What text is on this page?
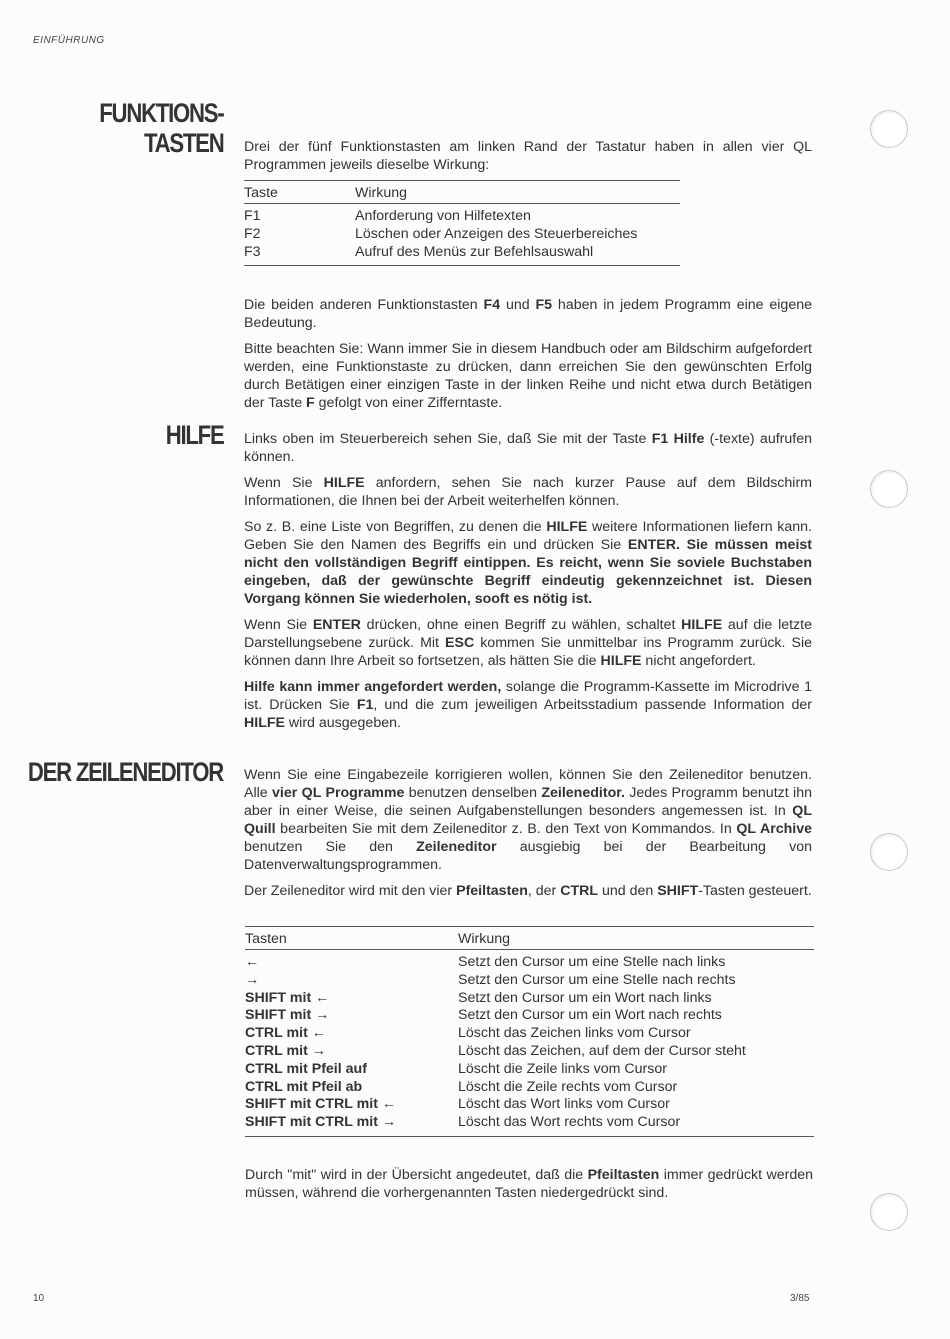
EINFÜHRUNG
FUNKTIONS-
TASTEN
HILFE
DER ZEILENEDITOR

Drei der fünf Funktionstasten am linken Rand der Tastatur haben in allen vier QL Programmen jeweils dieselbe Wirkung:

Taste	Wirkung
F1	Anforderung von Hilfetexten
F2	Löschen oder Anzeigen des Steuerbereiches
F3	Aufruf des Menüs zur Befehlsauswahl

Die beiden anderen Funktionstasten F4 und F5 haben in jedem Programm eine eigene Bedeutung.

Bitte beachten Sie: Wann immer Sie in diesem Handbuch oder am Bildschirm aufgefordert werden, eine Funktionstaste zu drücken, dann erreichen Sie den gewünschten Erfolg durch Betätigen einer einzigen Taste in der linken Reihe und nicht etwa durch Betätigen der Taste F gefolgt von einer Zifferntaste.

Links oben im Steuerbereich sehen Sie, daß Sie mit der Taste F1 Hilfe (-texte) aufrufen können.

Wenn Sie HILFE anfordern, sehen Sie nach kurzer Pause auf dem Bildschirm Informationen, die Ihnen bei der Arbeit weiterhelfen können.

So z. B. eine Liste von Begriffen, zu denen die HILFE weitere Informationen liefern kann. Geben Sie den Namen des Begriffs ein und drücken Sie ENTER. Sie müssen meist nicht den vollständigen Begriff eintippen. Es reicht, wenn Sie soviele Buchstaben eingeben, daß der gewünschte Begriff eindeutig gekennzeichnet ist. Diesen Vorgang können Sie wiederholen, sooft es nötig ist.

Wenn Sie ENTER drücken, ohne einen Begriff zu wählen, schaltet HILFE auf die letzte Darstellungsebene zurück. Mit ESC kommen Sie unmittelbar ins Programm zurück. Sie können dann Ihre Arbeit so fortsetzen, als hätten Sie die HILFE nicht angefordert.

Hilfe kann immer angefordert werden, solange die Programm-Kassette im Microdrive 1 ist. Drücken Sie F1, und die zum jeweiligen Arbeitsstadium passende Information der HILFE wird ausgegeben.

Wenn Sie eine Eingabezeile korrigieren wollen, können Sie den Zeileneditor benutzen. Alle vier QL Programme benutzen denselben Zeileneditor. Jedes Programm benutzt ihn aber in einer Weise, die seinen Aufgabenstellungen besonders angemessen ist. In QL Quill bearbeiten Sie mit dem Zeileneditor z. B. den Text von Kommandos. In QL Archive benutzen Sie den Zeileneditor ausgiebig bei der Bearbeitung von Datenverwaltungsprogrammen.

Der Zeileneditor wird mit den vier Pfeiltasten, der CTRL und den SHIFT-Tasten gesteuert.

Tasten	Wirkung
←	Setzt den Cursor um eine Stelle nach links
→	Setzt den Cursor um eine Stelle nach rechts
SHIFT mit ←	Setzt den Cursor um ein Wort nach links
SHIFT mit →	Setzt den Cursor um ein Wort nach rechts
CTRL mit ←	Löscht das Zeichen links vom Cursor
CTRL mit →	Löscht das Zeichen, auf dem der Cursor steht
CTRL mit Pfeil auf	Löscht die Zeile links vom Cursor
CTRL mit Pfeil ab	Löscht die Zeile rechts vom Cursor
SHIFT mit CTRL mit ←	Löscht das Wort links vom Cursor
SHIFT mit CTRL mit →	Löscht das Wort rechts vom Cursor

Durch "mit" wird in der Übersicht angedeutet, daß die Pfeiltasten immer gedrückt werden müssen, während die vorhergenannten Tasten niedergedrückt sind.

10	3/85
